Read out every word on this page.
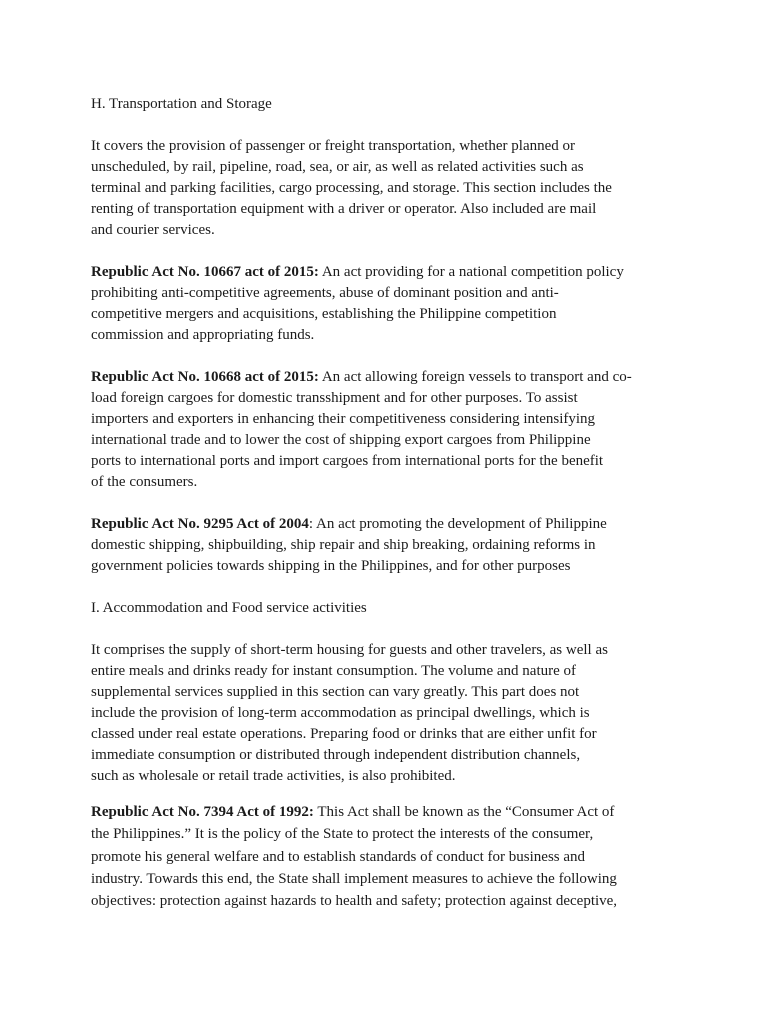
H. Transportation and Storage
It covers the provision of passenger or freight transportation, whether planned or
unscheduled, by rail, pipeline, road, sea, or air, as well as related activities such as
terminal and parking facilities, cargo processing, and storage. This section includes the
renting of transportation equipment with a driver or operator. Also included are mail
and courier services.
Republic Act No. 10667 act of 2015: An act providing for a national competition policy
prohibiting anti-competitive agreements, abuse of dominant position and anti-
competitive mergers and acquisitions, establishing the Philippine competition
commission and appropriating funds.
Republic Act No. 10668 act of 2015: An act allowing foreign vessels to transport and co-
load foreign cargoes for domestic transshipment and for other purposes. To assist
importers and exporters in enhancing their competitiveness considering intensifying
international trade and to lower the cost of shipping export cargoes from Philippine
ports to international ports and import cargoes from international ports for the benefit
of the consumers.
Republic Act No. 9295 Act of 2004: An act promoting the development of Philippine
domestic shipping, shipbuilding, ship repair and ship breaking, ordaining reforms in
government policies towards shipping in the Philippines, and for other purposes
I. Accommodation and Food service activities
It comprises the supply of short-term housing for guests and other travelers, as well as
entire meals and drinks ready for instant consumption. The volume and nature of
supplemental services supplied in this section can vary greatly. This part does not
include the provision of long-term accommodation as principal dwellings, which is
classed under real estate operations. Preparing food or drinks that are either unfit for
immediate consumption or distributed through independent distribution channels,
such as wholesale or retail trade activities, is also prohibited.
Republic Act No. 7394 Act of 1992: This Act shall be known as the “Consumer Act of
the Philippines.” It is the policy of the State to protect the interests of the consumer,
promote his general welfare and to establish standards of conduct for business and
industry. Towards this end, the State shall implement measures to achieve the following
objectives: protection against hazards to health and safety; protection against deceptive,
